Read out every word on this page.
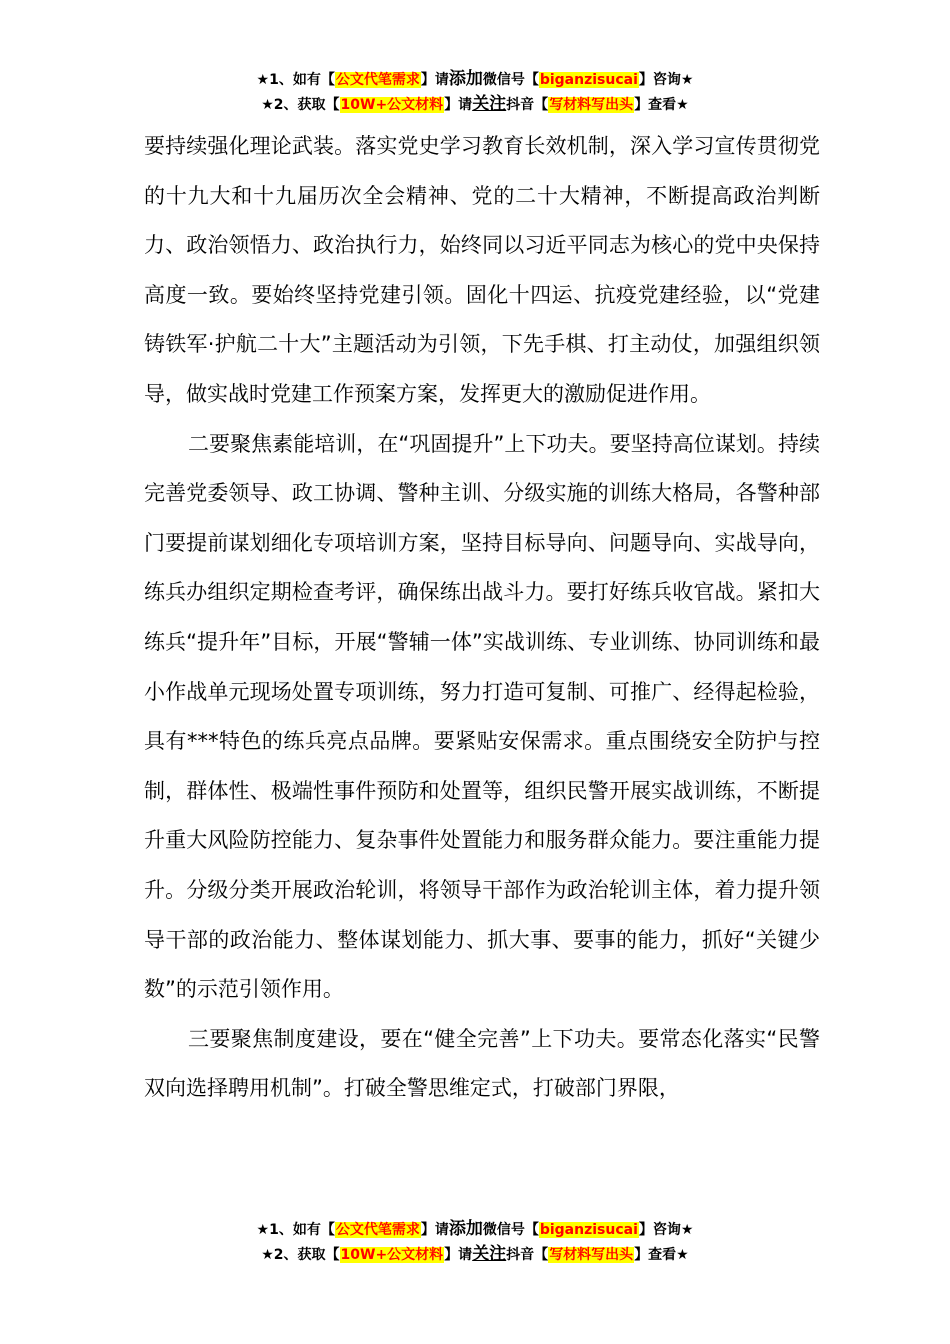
★1、如有【公文代笔需求】请添加微信号【biganzisucai】咨询★
★2、获取【10W+公文材料】请关注抖音【写材料写出头】查看★

要持续强化理论武装。落实党史学习教育长效机制，深入学习宣传贯彻党的十九大和十九届历次全会精神、党的二十大精神，不断提高政治判断力、政治领悟力、政治执行力，始终同以习近平同志为核心的党中央保持高度一致。要始终坚持党建引领。固化十四运、抗疫党建经验，以“党建铸铁军·护航二十大”主题活动为引领，下先手棋、打主动仗，加强组织领导，做实战时党建工作预案方案，发挥更大的激励促进作用。

二要聚焦素能培训，在“巩固提升”上下功夫。要坚持高位谋划。持续完善党委领导、政工协调、警种主训、分级实施的训练大格局，各警种部门要提前谋划细化专项培训方案，坚持目标导向、问题导向、实战导向，练兵办组织定期检查考评，确保练出战斗力。要打好练兵收官战。紧扣大练兵“提升年”目标，开展“警辅一体”实战训练、专业训练、协同训练和最小作战单元现场处置专项训练，努力打造可复制、可推广、经得起检验，具有***特色的练兵亮点品牌。要紧贴安保需求。重点围绕安全防护与控制，群体性、极端性事件预防和处置等，组织民警开展实战训练，不断提升重大风险防控能力、复杂事件处置能力和服务群众能力。要注重能力提升。分级分类开展政治轮训，将领导干部作为政治轮训主体，着力提升领导干部的政治能力、整体谋划能力、抓大事、要事的能力，抓好“关键少数”的示范引领作用。

三要聚焦制度建设，要在“健全完善”上下功夫。要常态化落实“民警双向选择聘用机制”。打破全警思维定式，打破部门界限，

★1、如有【公文代笔需求】请添加微信号【biganzisucai】咨询★
★2、获取【10W+公文材料】请关注抖音【写材料写出头】查看★
